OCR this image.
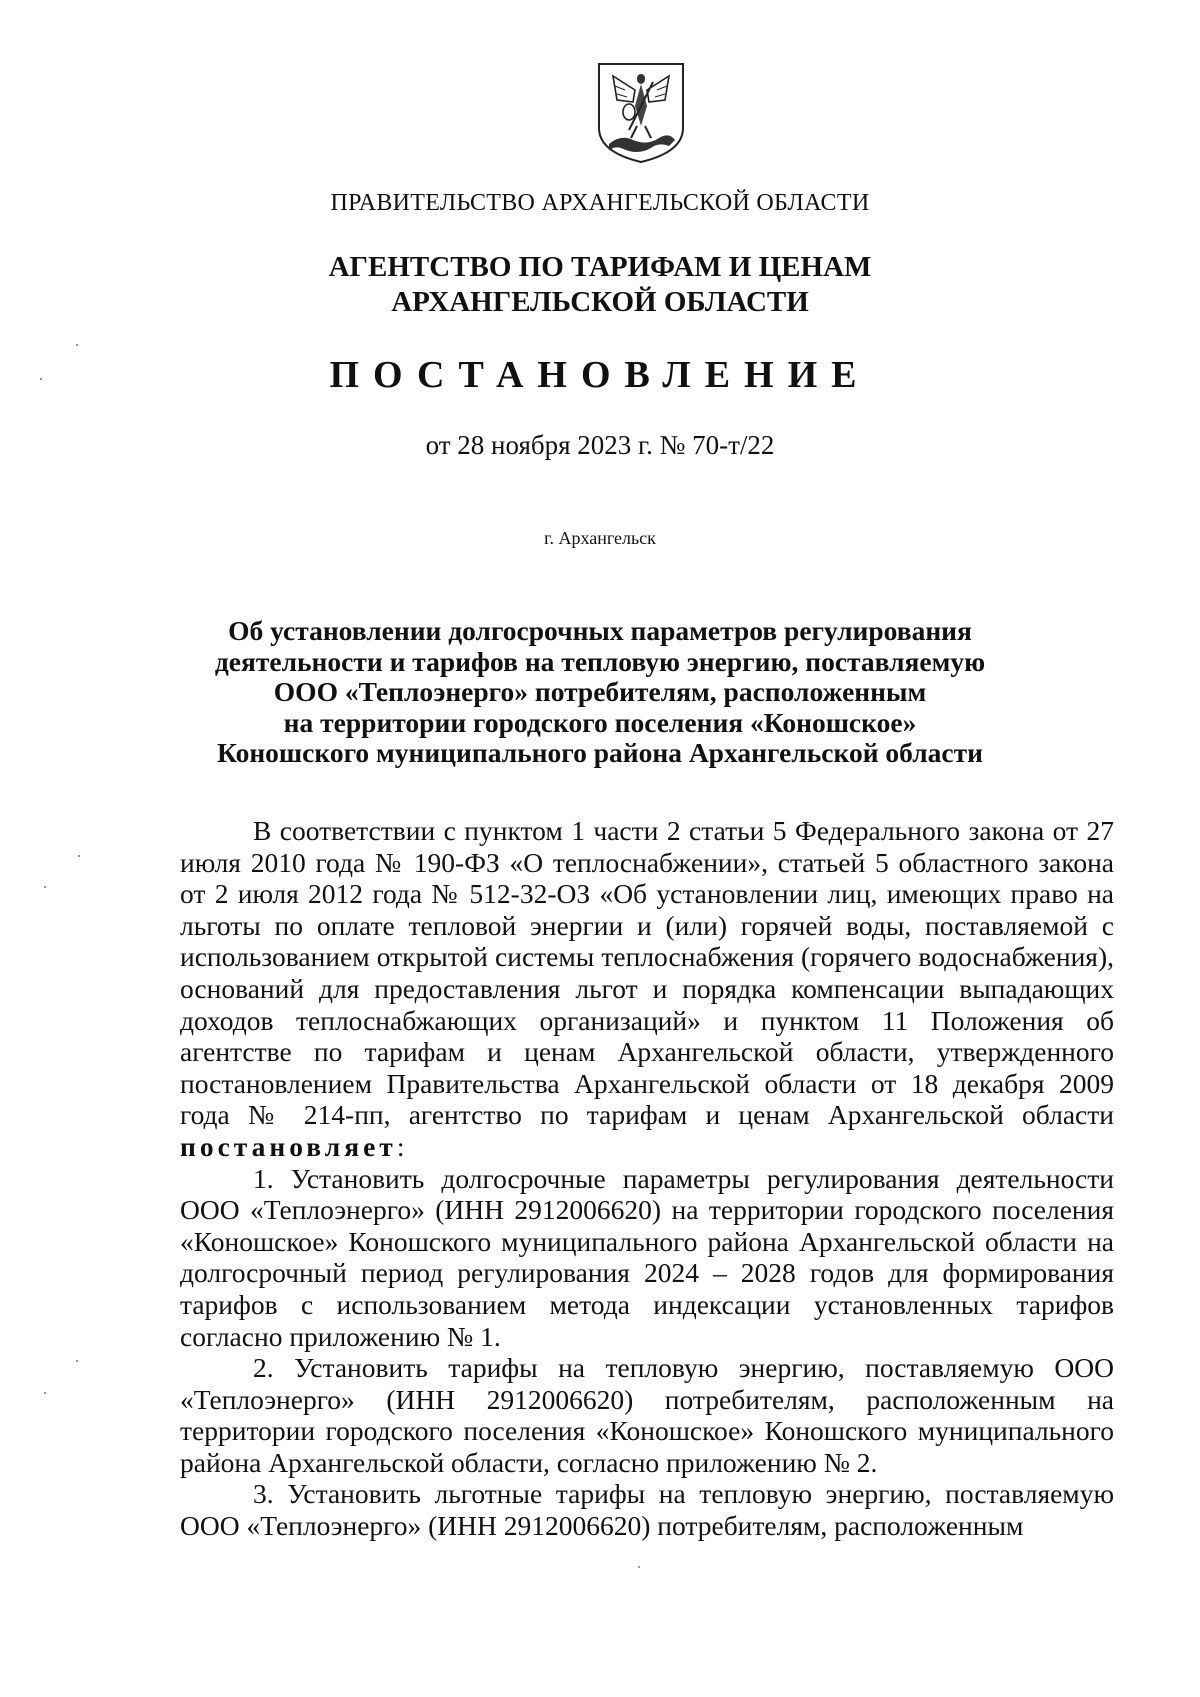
ПРАВИТЕЛЬСТВО АРХАНГЕЛЬСКОЙ ОБЛАСТИ
АГЕНТСТВО ПО ТАРИФАМ И ЦЕНАМ
АРХАНГЕЛЬСКОЙ ОБЛАСТИ
ПОСТАНОВЛЕНИЕ
от 28 ноября 2023 г. № 70-т/22
г. Архангельск
Об установлении долгосрочных параметров регулирования
деятельности и тарифов на тепловую энергию, поставляемую
ООО «Теплоэнерго» потребителям, расположенным
на территории городского поселения «Коношское»
Коношского муниципального района Архангельской области

В соответствии с пунктом 1 части 2 статьи 5 Федерального закона от 27 июля 2010 года № 190-ФЗ «О теплоснабжении», статьей 5 областного закона от 2 июля 2012 года № 512-32-ОЗ «Об установлении лиц, имеющих право на льготы по оплате тепловой энергии и (или) горячей воды, поставляемой с использованием открытой системы теплоснабжения (горячего водоснабжения), оснований для предоставления льгот и порядка компенсации выпадающих доходов теплоснабжающих организаций» и пунктом 11 Положения об агентстве по тарифам и ценам Архангельской области, утвержденного постановлением Правительства Архангельской области от 18 декабря 2009 года № 214-пп, агентство по тарифам и ценам Архангельской области постановляет:

1. Установить долгосрочные параметры регулирования деятельности ООО «Теплоэнерго» (ИНН 2912006620) на территории городского поселения «Коношское» Коношского муниципального района Архангельской области на долгосрочный период регулирования 2024 – 2028 годов для формирования тарифов с использованием метода индексации установленных тарифов согласно приложению № 1.

2. Установить тарифы на тепловую энергию, поставляемую ООО «Теплоэнерго» (ИНН 2912006620) потребителям, расположенным на территории городского поселения «Коношское» Коношского муниципального района Архангельской области, согласно приложению № 2.

3. Установить льготные тарифы на тепловую энергию, поставляемую ООО «Теплоэнерго» (ИНН 2912006620) потребителям, расположенным
